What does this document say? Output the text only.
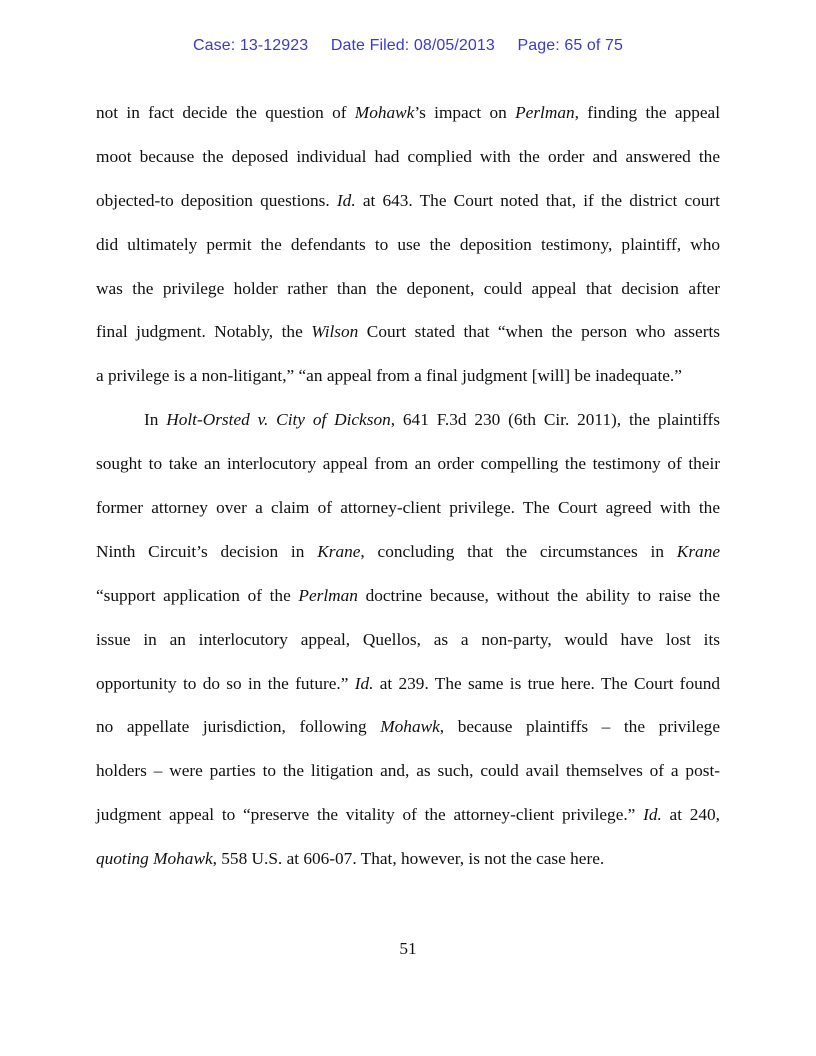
Case: 13-12923 Date Filed: 08/05/2013 Page: 65 of 75
not in fact decide the question of Mohawk’s impact on Perlman, finding the appeal
moot because the deposed individual had complied with the order and answered the
objected-to deposition questions. Id. at 643. The Court noted that, if the district court
did ultimately permit the defendants to use the deposition testimony, plaintiff, who
was the privilege holder rather than the deponent, could appeal that decision after
final judgment. Notably, the Wilson Court stated that “when the person who asserts
a privilege is a non-litigant,” “an appeal from a final judgment [will] be inadequate.”
In Holt-Orsted v. City of Dickson, 641 F.3d 230 (6th Cir. 2011), the plaintiffs
sought to take an interlocutory appeal from an order compelling the testimony of their
former attorney over a claim of attorney-client privilege. The Court agreed with the
Ninth Circuit’s decision in Krane, concluding that the circumstances in Krane
“support application of the Perlman doctrine because, without the ability to raise the
issue in an interlocutory appeal, Quellos, as a non-party, would have lost its
opportunity to do so in the future.” Id. at 239. The same is true here. The Court found
no appellate jurisdiction, following Mohawk, because plaintiffs – the privilege
holders – were parties to the litigation and, as such, could avail themselves of a post-
judgment appeal to “preserve the vitality of the attorney-client privilege.” Id. at 240,
quoting Mohawk, 558 U.S. at 606-07. That, however, is not the case here.
51
